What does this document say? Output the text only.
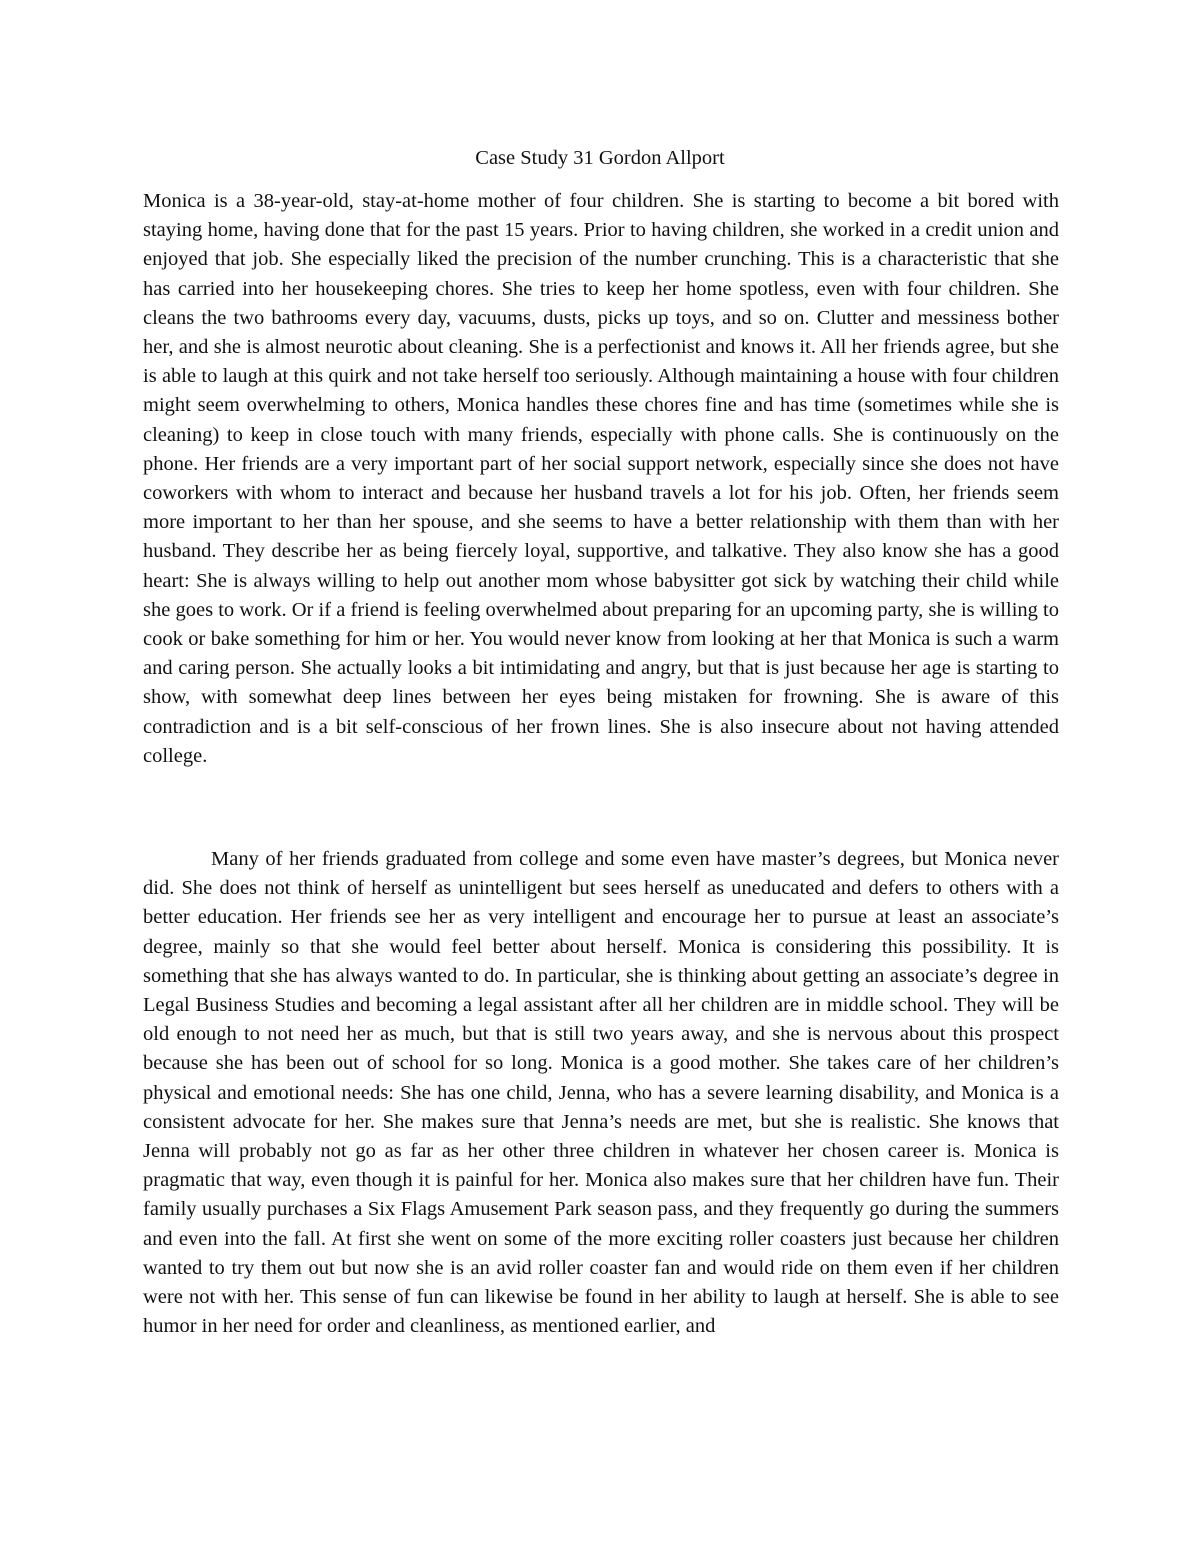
Case Study 31 Gordon Allport

Monica is a 38-year-old, stay-at-home mother of four children. She is starting to become a bit bored with staying home, having done that for the past 15 years. Prior to having children, she worked in a credit union and enjoyed that job. She especially liked the precision of the number crunching. This is a characteristic that she has carried into her housekeeping chores. She tries to keep her home spotless, even with four children. She cleans the two bathrooms every day, vacuums, dusts, picks up toys, and so on. Clutter and messiness bother her, and she is almost neurotic about cleaning. She is a perfectionist and knows it. All her friends agree, but she is able to laugh at this quirk and not take herself too seriously. Although maintaining a house with four children might seem overwhelming to others, Monica handles these chores fine and has time (sometimes while she is cleaning) to keep in close touch with many friends, especially with phone calls. She is continuously on the phone. Her friends are a very important part of her social support network, especially since she does not have coworkers with whom to interact and because her husband travels a lot for his job. Often, her friends seem more important to her than her spouse, and she seems to have a better relationship with them than with her husband. They describe her as being fiercely loyal, supportive, and talkative. They also know she has a good heart: She is always willing to help out another mom whose babysitter got sick by watching their child while she goes to work. Or if a friend is feeling overwhelmed about preparing for an upcoming party, she is willing to cook or bake something for him or her. You would never know from looking at her that Monica is such a warm and caring person. She actually looks a bit intimidating and angry, but that is just because her age is starting to show, with somewhat deep lines between her eyes being mistaken for frowning. She is aware of this contradiction and is a bit self-conscious of her frown lines. She is also insecure about not having attended college.

Many of her friends graduated from college and some even have master’s degrees, but Monica never did. She does not think of herself as unintelligent but sees herself as uneducated and defers to others with a better education. Her friends see her as very intelligent and encourage her to pursue at least an associate’s degree, mainly so that she would feel better about herself. Monica is considering this possibility. It is something that she has always wanted to do. In particular, she is thinking about getting an associate’s degree in Legal Business Studies and becoming a legal assistant after all her children are in middle school. They will be old enough to not need her as much, but that is still two years away, and she is nervous about this prospect because she has been out of school for so long. Monica is a good mother. She takes care of her children’s physical and emotional needs: She has one child, Jenna, who has a severe learning disability, and Monica is a consistent advocate for her. She makes sure that Jenna’s needs are met, but she is realistic. She knows that Jenna will probably not go as far as her other three children in whatever her chosen career is. Monica is pragmatic that way, even though it is painful for her. Monica also makes sure that her children have fun. Their family usually purchases a Six Flags Amusement Park season pass, and they frequently go during the summers and even into the fall. At first she went on some of the more exciting roller coasters just because her children wanted to try them out but now she is an avid roller coaster fan and would ride on them even if her children were not with her. This sense of fun can likewise be found in her ability to laugh at herself. She is able to see humor in her need for order and cleanliness, as mentioned earlier, and
